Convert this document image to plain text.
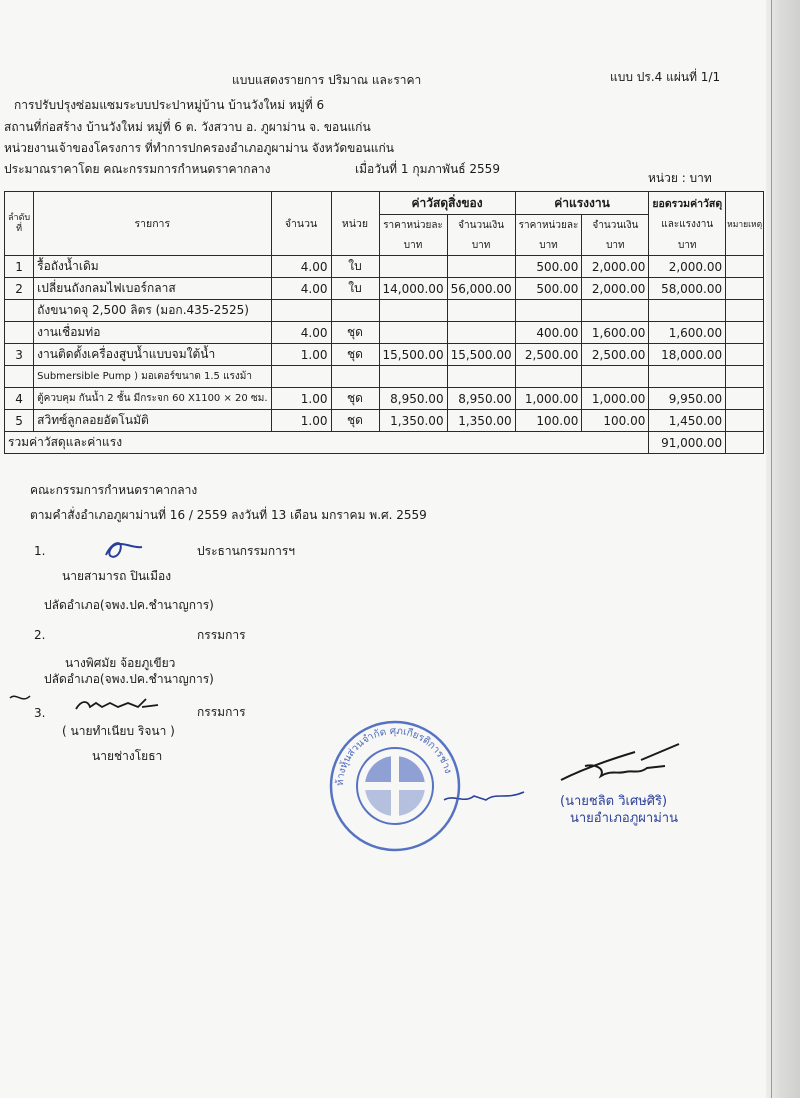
แบบ ปร.4 แผ่นที่ 1/1
แบบแสดงรายการ ปริมาณ และราคา
การปรับปรุงซ่อมแซมระบบประปาหมู่บ้าน บ้านวังใหม่ หมู่ที่ 6
สถานที่ก่อสร้าง บ้านวังใหม่ หมู่ที่ 6 ต. วังสวาบ อ. ภูผาม่าน จ. ขอนแก่น
หน่วยงานเจ้าของโครงการ ที่ทำการปกครองอำเภอภูผาม่าน จังหวัดขอนแก่น
ประมาณราคาโดย คณะกรรมการกำหนดราคากลาง	เมื่อวันที่ 1 กุมภาพันธ์ 2559
หน่วย : บาท
ลำดับที่	รายการ	จำนวน	หน่วย	ค่าวัสดุสิ่งของ		ค่าแรงงาน		ยอดรวมค่าวัสดุ	หมายเหตุ
				ราคาหน่วยละ	จำนวนเงิน	ราคาหน่วยละ	จำนวนเงิน	และแรงงาน	
				บาท	บาท	บาท	บาท	บาท	
1	รื้อถังน้ำเดิม	4.00	ใบ			500.00	2,000.00	2,000.00	
2	เปลี่ยนถังกลมไฟเบอร์กลาส	4.00	ใบ	14,000.00	56,000.00	500.00	2,000.00	58,000.00	
	ถังขนาดจุ 2,500 ลิตร (มอก.435-2525)								
	งานเชื่อมท่อ	4.00	ชุด			400.00	1,600.00	1,600.00	
3	งานติดตั้งเครื่องสูบน้ำแบบจมใต้น้ำ	1.00	ชุด	15,500.00	15,500.00	2,500.00	2,500.00	18,000.00	
	Submersible Pump ) มอเตอร์ขนาด 1.5 แรงม้า								
4	ตู้ควบคุม กันน้ำ 2 ชั้น มีกระจก 60 X1100 × 20 ซม.	1.00	ชุด	8,950.00	8,950.00	1,000.00	1,000.00	9,950.00	
5	สวิทซ์ลูกลอยอัตโนมัติ	1.00	ชุด	1,350.00	1,350.00	100.00	100.00	1,450.00	
รวมค่าวัสดุและค่าแรง								91,000.00	
คณะกรรมการกำหนดราคากลาง
ตามคำสั่งอำเภอภูผาม่านที่ 16 / 2559 ลงวันที่ 13 เดือน มกราคม พ.ศ. 2559
1.	ประธานกรรมการฯ
นายสามารถ ปินเมือง
ปลัดอำเภอ(จพง.ปค.ชำนาญการ)
2.	กรรมการ
นางพิศมัย จ้อยภูเขียว
ปลัดอำเภอ(จพง.ปค.ชำนาญการ)
3.	กรรมการ
( นายทำเนียบ ริจนา )
นายช่างโยธา
ห้างหุ้นส่วนจำกัด ศุภเกียรติการช่าง
(นายชลิต วิเศษศิริ)
นายอำเภอภูผาม่าน
